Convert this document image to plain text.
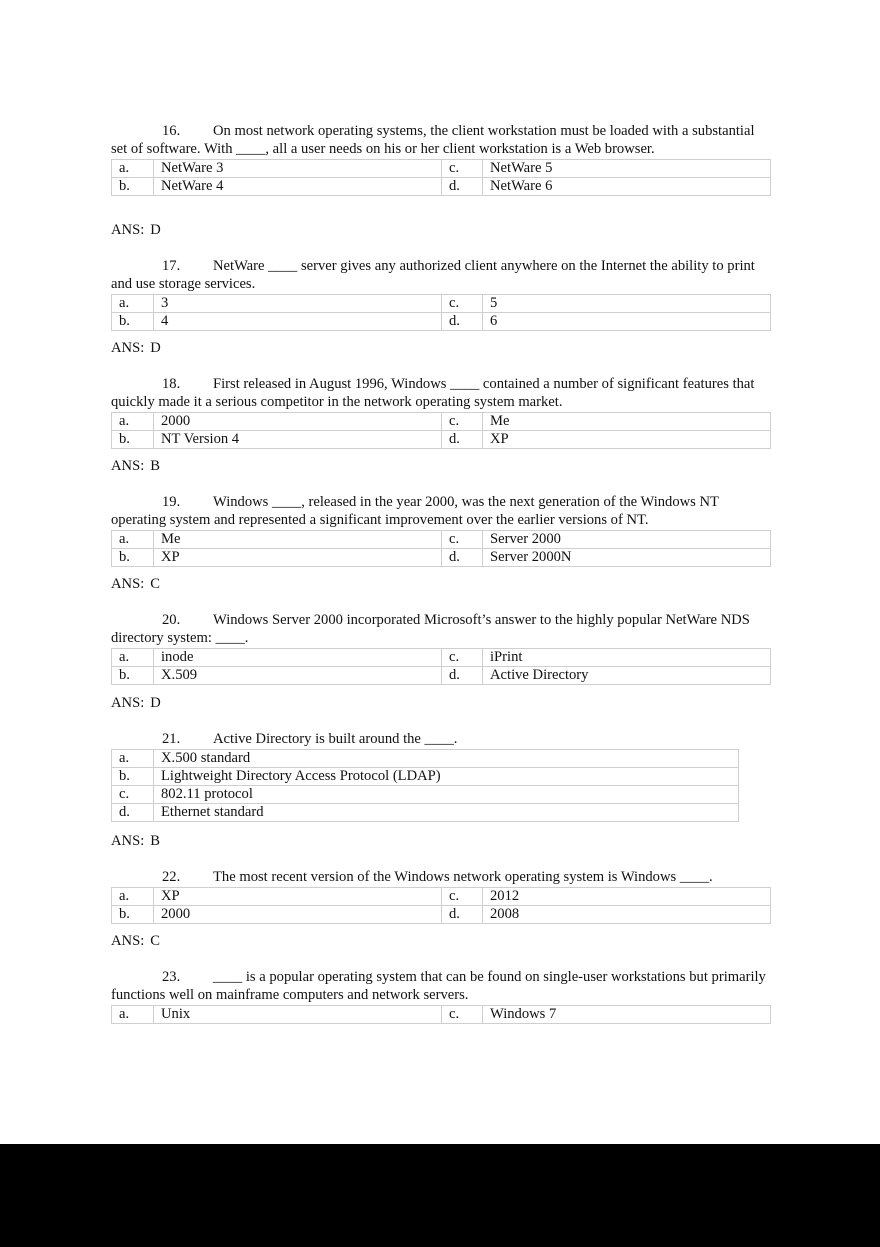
16. On most network operating systems, the client workstation must be loaded with a substantial set of software. With ____, all a user needs on his or her client workstation is a Web browser.

a.	NetWare 3	c.	NetWare 5
b.	NetWare 4	d.	NetWare 6
ANS: D

17. NetWare ____ server gives any authorized client anywhere on the Internet the ability to print and use storage services.

a.	3	c.	5
b.	4	d.	6
ANS: D

18. First released in August 1996, Windows ____ contained a number of significant features that quickly made it a serious competitor in the network operating system market.

a.	2000	c.	Me
b.	NT Version 4	d.	XP
ANS: B

19. Windows ____, released in the year 2000, was the next generation of the Windows NT operating system and represented a significant improvement over the earlier versions of NT.

a.	Me	c.	Server 2000
b.	XP	d.	Server 2000N
ANS: C

20. Windows Server 2000 incorporated Microsoft’s answer to the highly popular NetWare NDS directory system: ____.

a.	inode	c.	iPrint
b.	X.509	d.	Active Directory
ANS: D

21. Active Directory is built around the ____.

a.	X.500 standard
b.	Lightweight Directory Access Protocol (LDAP)
c.	802.11 protocol
d.	Ethernet standard
ANS: B

22. The most recent version of the Windows network operating system is Windows ____.

a.	XP	c.	2012
b.	2000	d.	2008
ANS: C

23. ____ is a popular operating system that can be found on single-user workstations but primarily functions well on mainframe computers and network servers.

a.	Unix	c.	Windows 7
